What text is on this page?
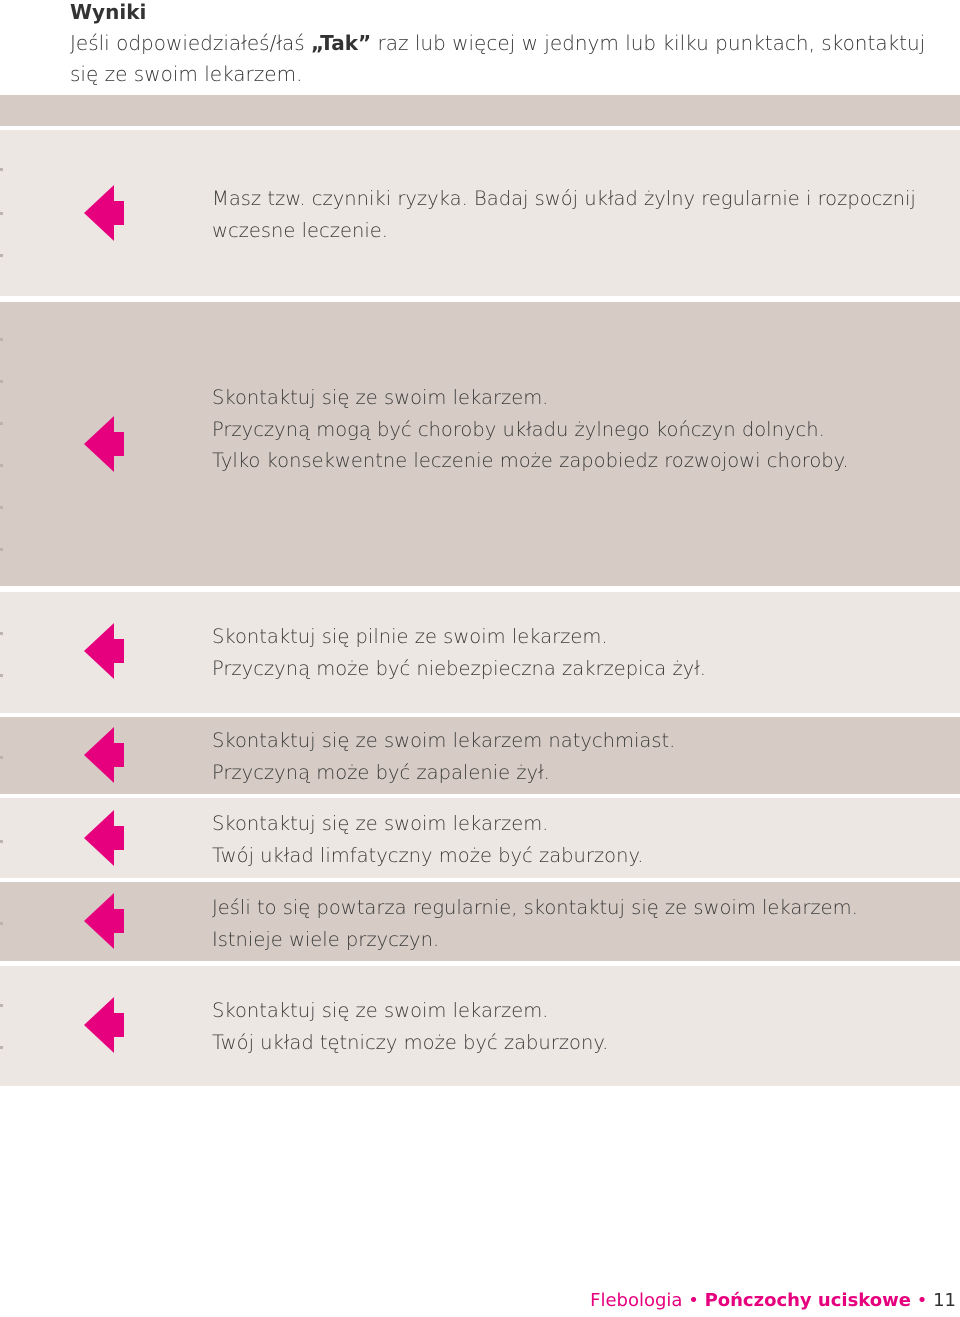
Wyniki

Jeśli odpowiedziałeś/łaś „Tak” raz lub więcej w jednym lub kilku punktach, skontaktuj
się ze swoim lekarzem.

Masz tzw. czynniki ryzyka. Badaj swój układ żylny regularnie i rozpocznij
wczesne leczenie.
Skontaktuj się ze swoim lekarzem.
Przyczyną mogą być choroby układu żylnego kończyn dolnych.
Tylko konsekwentne leczenie może zapobiedz rozwojowi choroby.
Skontaktuj się pilnie ze swoim lekarzem.
Przyczyną może być niebezpieczna zakrzepica żył.
Skontaktuj się ze swoim lekarzem natychmiast.
Przyczyną może być zapalenie żył.
Skontaktuj się ze swoim lekarzem.
Twój układ limfatyczny może być zaburzony.
Jeśli to się powtarza regularnie, skontaktuj się ze swoim lekarzem.
Istnieje wiele przyczyn.
Skontaktuj się ze swoim lekarzem.
Twój układ tętniczy może być zaburzony.
Flebologia • Pończochy uciskowe • 11
